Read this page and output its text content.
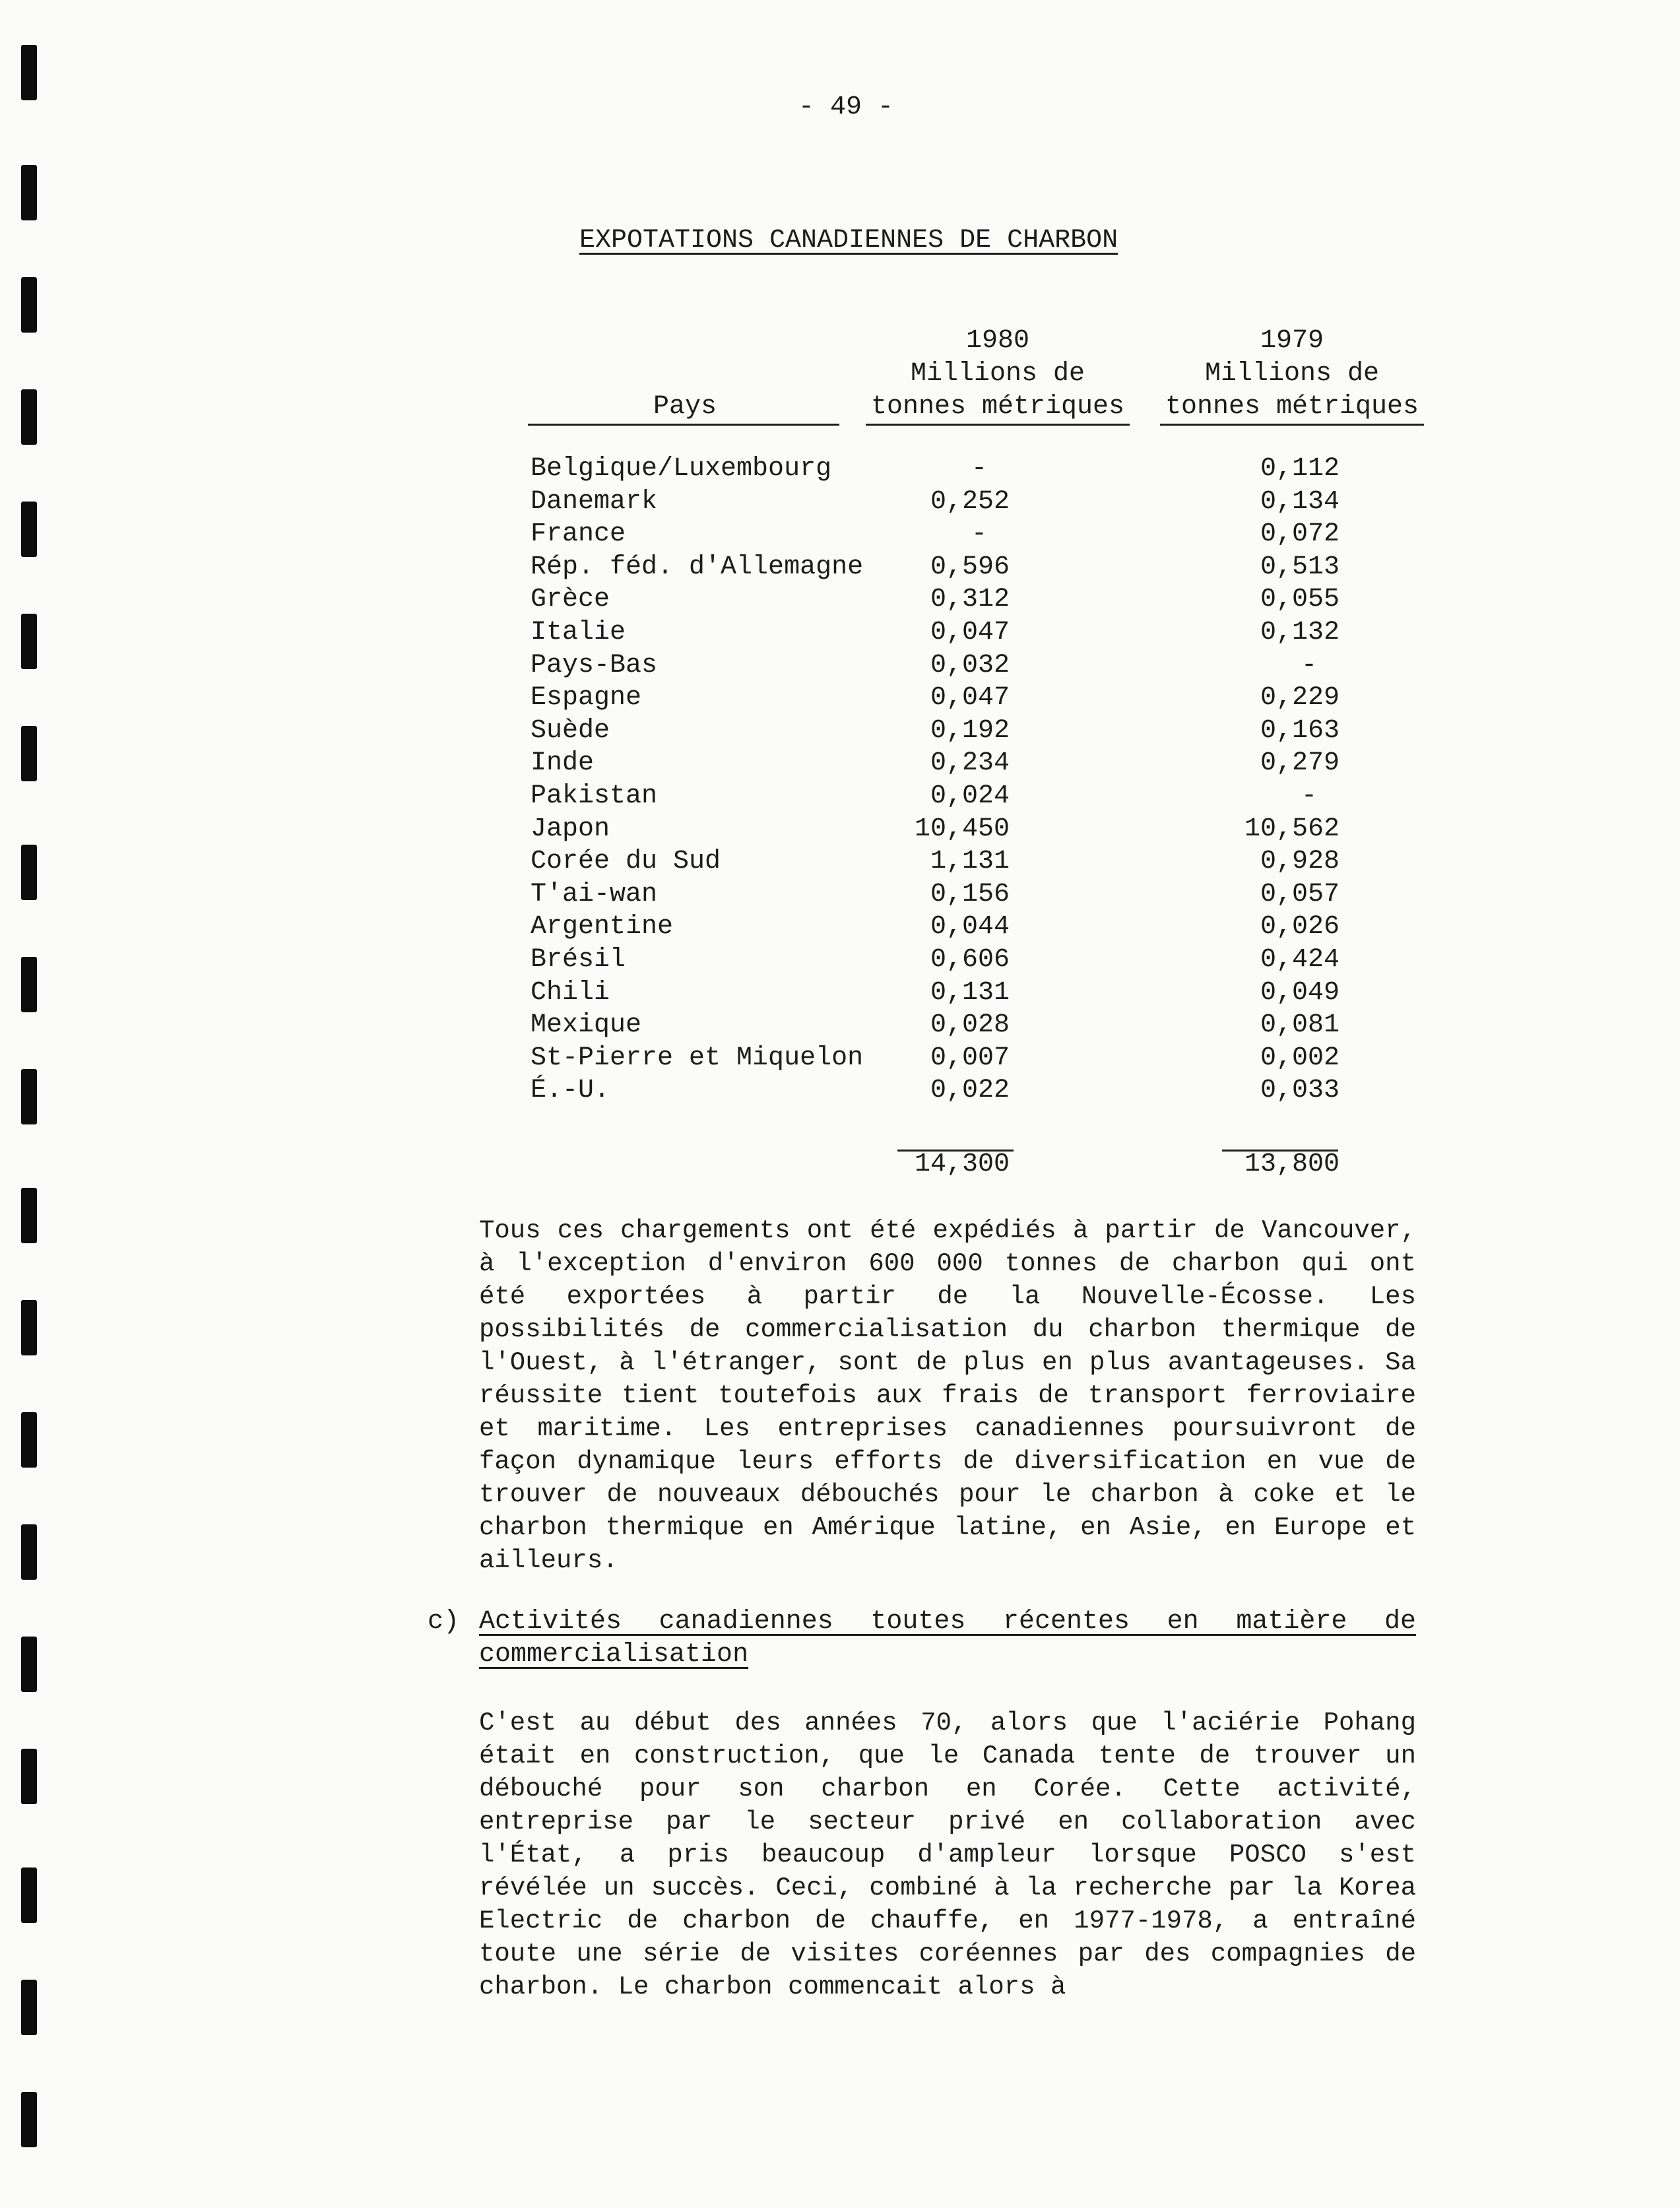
- 49 -
EXPOTATIONS CANADIENNES DE CHARBON
Pays
1980
Millions de
tonnes métriques
1979
Millions de
tonnes métriques
Belgique/Luxembourg	-	0,112
Danemark	0,252	0,134
France	-	0,072
Rép. féd. d'Allemagne	0,596	0,513
Grèce	0,312	0,055
Italie	0,047	0,132
Pays-Bas	0,032	-
Espagne	0,047	0,229
Suède	0,192	0,163
Inde	0,234	0,279
Pakistan	0,024	-
Japon	10,450	10,562
Corée du Sud	1,131	0,928
T'ai-wan	0,156	0,057
Argentine	0,044	0,026
Brésil	0,606	0,424
Chili	0,131	0,049
Mexique	0,028	0,081
St-Pierre et Miquelon	0,007	0,002
É.-U.	0,022	0,033
14,300	13,800

Tous ces chargements ont été expédiés à partir de Vancouver, à l'exception d'environ 600 000 tonnes de charbon qui ont été exportées à partir de la Nouvelle-Écosse. Les possibilités de commercialisation du charbon thermique de l'Ouest, à l'étranger, sont de plus en plus avantageuses. Sa réussite tient toutefois aux frais de transport ferroviaire et maritime. Les entreprises canadiennes poursuivront de façon dynamique leurs efforts de diversification en vue de trouver de nouveaux débouchés pour le charbon à coke et le charbon thermique en Amérique latine, en Asie, en Europe et ailleurs.

c) Activités canadiennes toutes récentes en matière de commercialisation

C'est au début des années 70, alors que l'aciérie Pohang était en construction, que le Canada tente de trouver un débouché pour son charbon en Corée. Cette activité, entreprise par le secteur privé en collaboration avec l'État, a pris beaucoup d'ampleur lorsque POSCO s'est révélée un succès. Ceci, combiné à la recherche par la Korea Electric de charbon de chauffe, en 1977-1978, a entraîné toute une série de visites coréennes par des compagnies de charbon. Le charbon commencait alors à
